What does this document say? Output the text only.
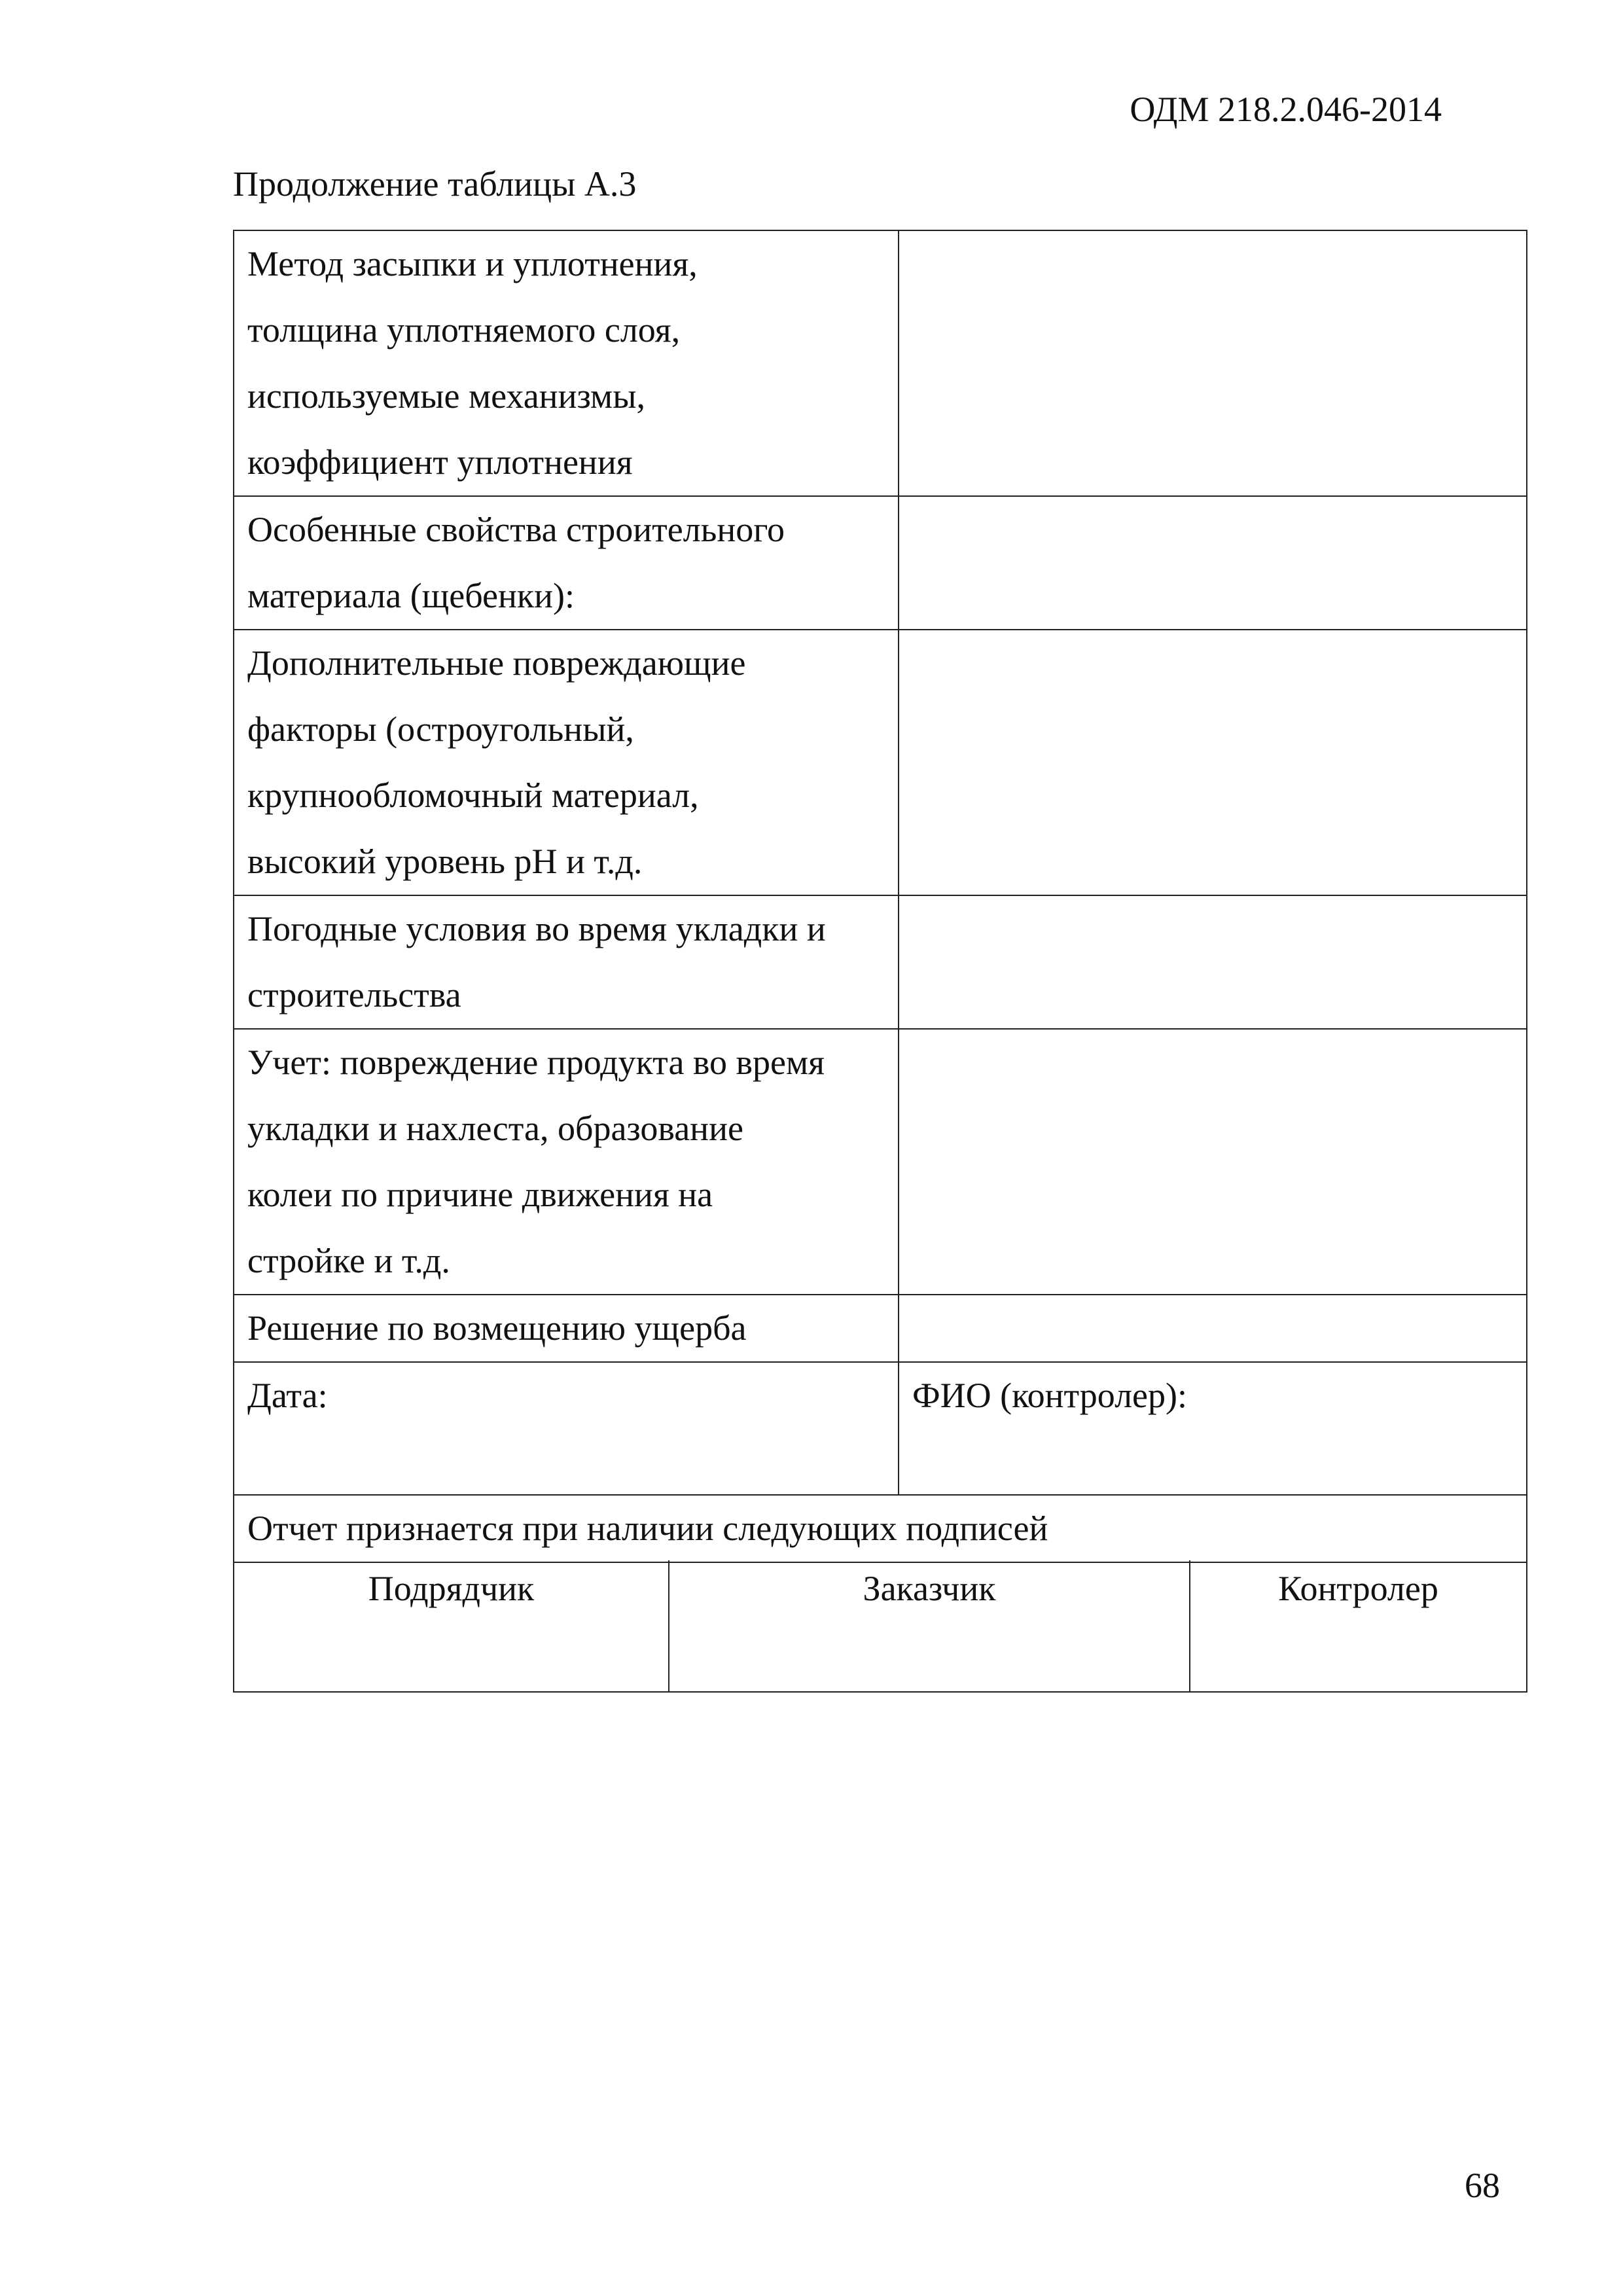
ОДМ 218.2.046-2014
Продолжение таблицы А.3
Метод засыпки и уплотнения,
толщина уплотняемого слоя,
используемые механизмы,
коэффициент уплотнения	

Особенные свойства строительного
материала (щебенки):	

Дополнительные повреждающие
факторы (остроугольный,
крупнообломочный материал,
высокий уровень pH и т.д.	

Погодные условия во время укладки и
строительства	

Учет: повреждение продукта во время
укладки и нахлеста, образование
колеи по причине движения на
стройке и т.д.	

Решение по возмещению ущерба	

Дата:	ФИО (контролер):
Отчет признается при наличии следующих подписей	
Подрядчик	Заказчик	Контролер
68
